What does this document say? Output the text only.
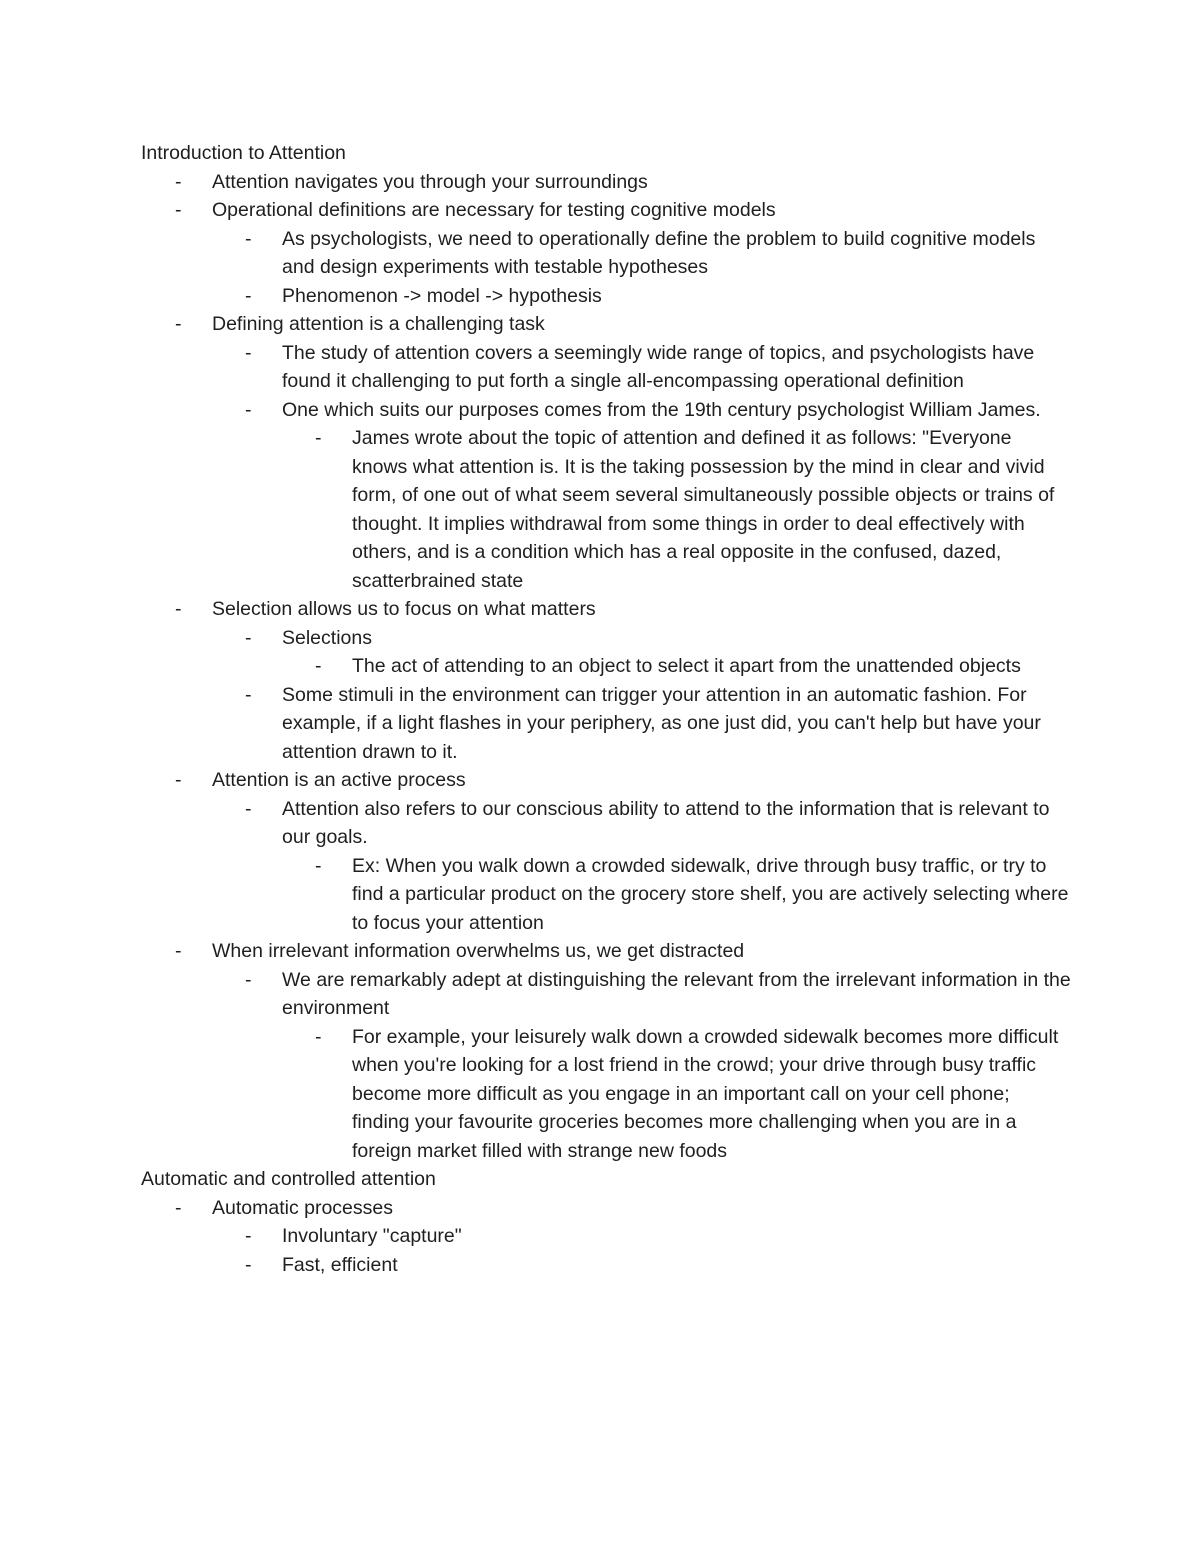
Introduction to Attention
-	Attention navigates you through your surroundings
-	Operational definitions are necessary for testing cognitive models
-	As psychologists, we need to operationally define the problem to build cognitive models and design experiments with testable hypotheses
-	Phenomenon -> model -> hypothesis
-	Defining attention is a challenging task
-	The study of attention covers a seemingly wide range of topics, and psychologists have found it challenging to put forth a single all-encompassing operational definition
-	One which suits our purposes comes from the 19th century psychologist William James.
-	James wrote about the topic of attention and defined it as follows: "Everyone knows what attention is. It is the taking possession by the mind in clear and vivid form, of one out of what seem several simultaneously possible objects or trains of thought. It implies withdrawal from some things in order to deal effectively with others, and is a condition which has a real opposite in the confused, dazed, scatterbrained state
-	Selection allows us to focus on what matters
-	Selections
-	The act of attending to an object to select it apart from the unattended objects
-	Some stimuli in the environment can trigger your attention in an automatic fashion. For example, if a light flashes in your periphery, as one just did, you can't help but have your attention drawn to it.
-	Attention is an active process
-	Attention also refers to our conscious ability to attend to the information that is relevant to our goals.
-	Ex: When you walk down a crowded sidewalk, drive through busy traffic, or try to find a particular product on the grocery store shelf, you are actively selecting where to focus your attention
-	When irrelevant information overwhelms us, we get distracted
-	We are remarkably adept at distinguishing the relevant from the irrelevant information in the environment
-	For example, your leisurely walk down a crowded sidewalk becomes more difficult when you're looking for a lost friend in the crowd; your drive through busy traffic become more difficult as you engage in an important call on your cell phone; finding your favourite groceries becomes more challenging when you are in a foreign market filled with strange new foods
Automatic and controlled attention
-	Automatic processes
-	Involuntary "capture"
-	Fast, efficient
